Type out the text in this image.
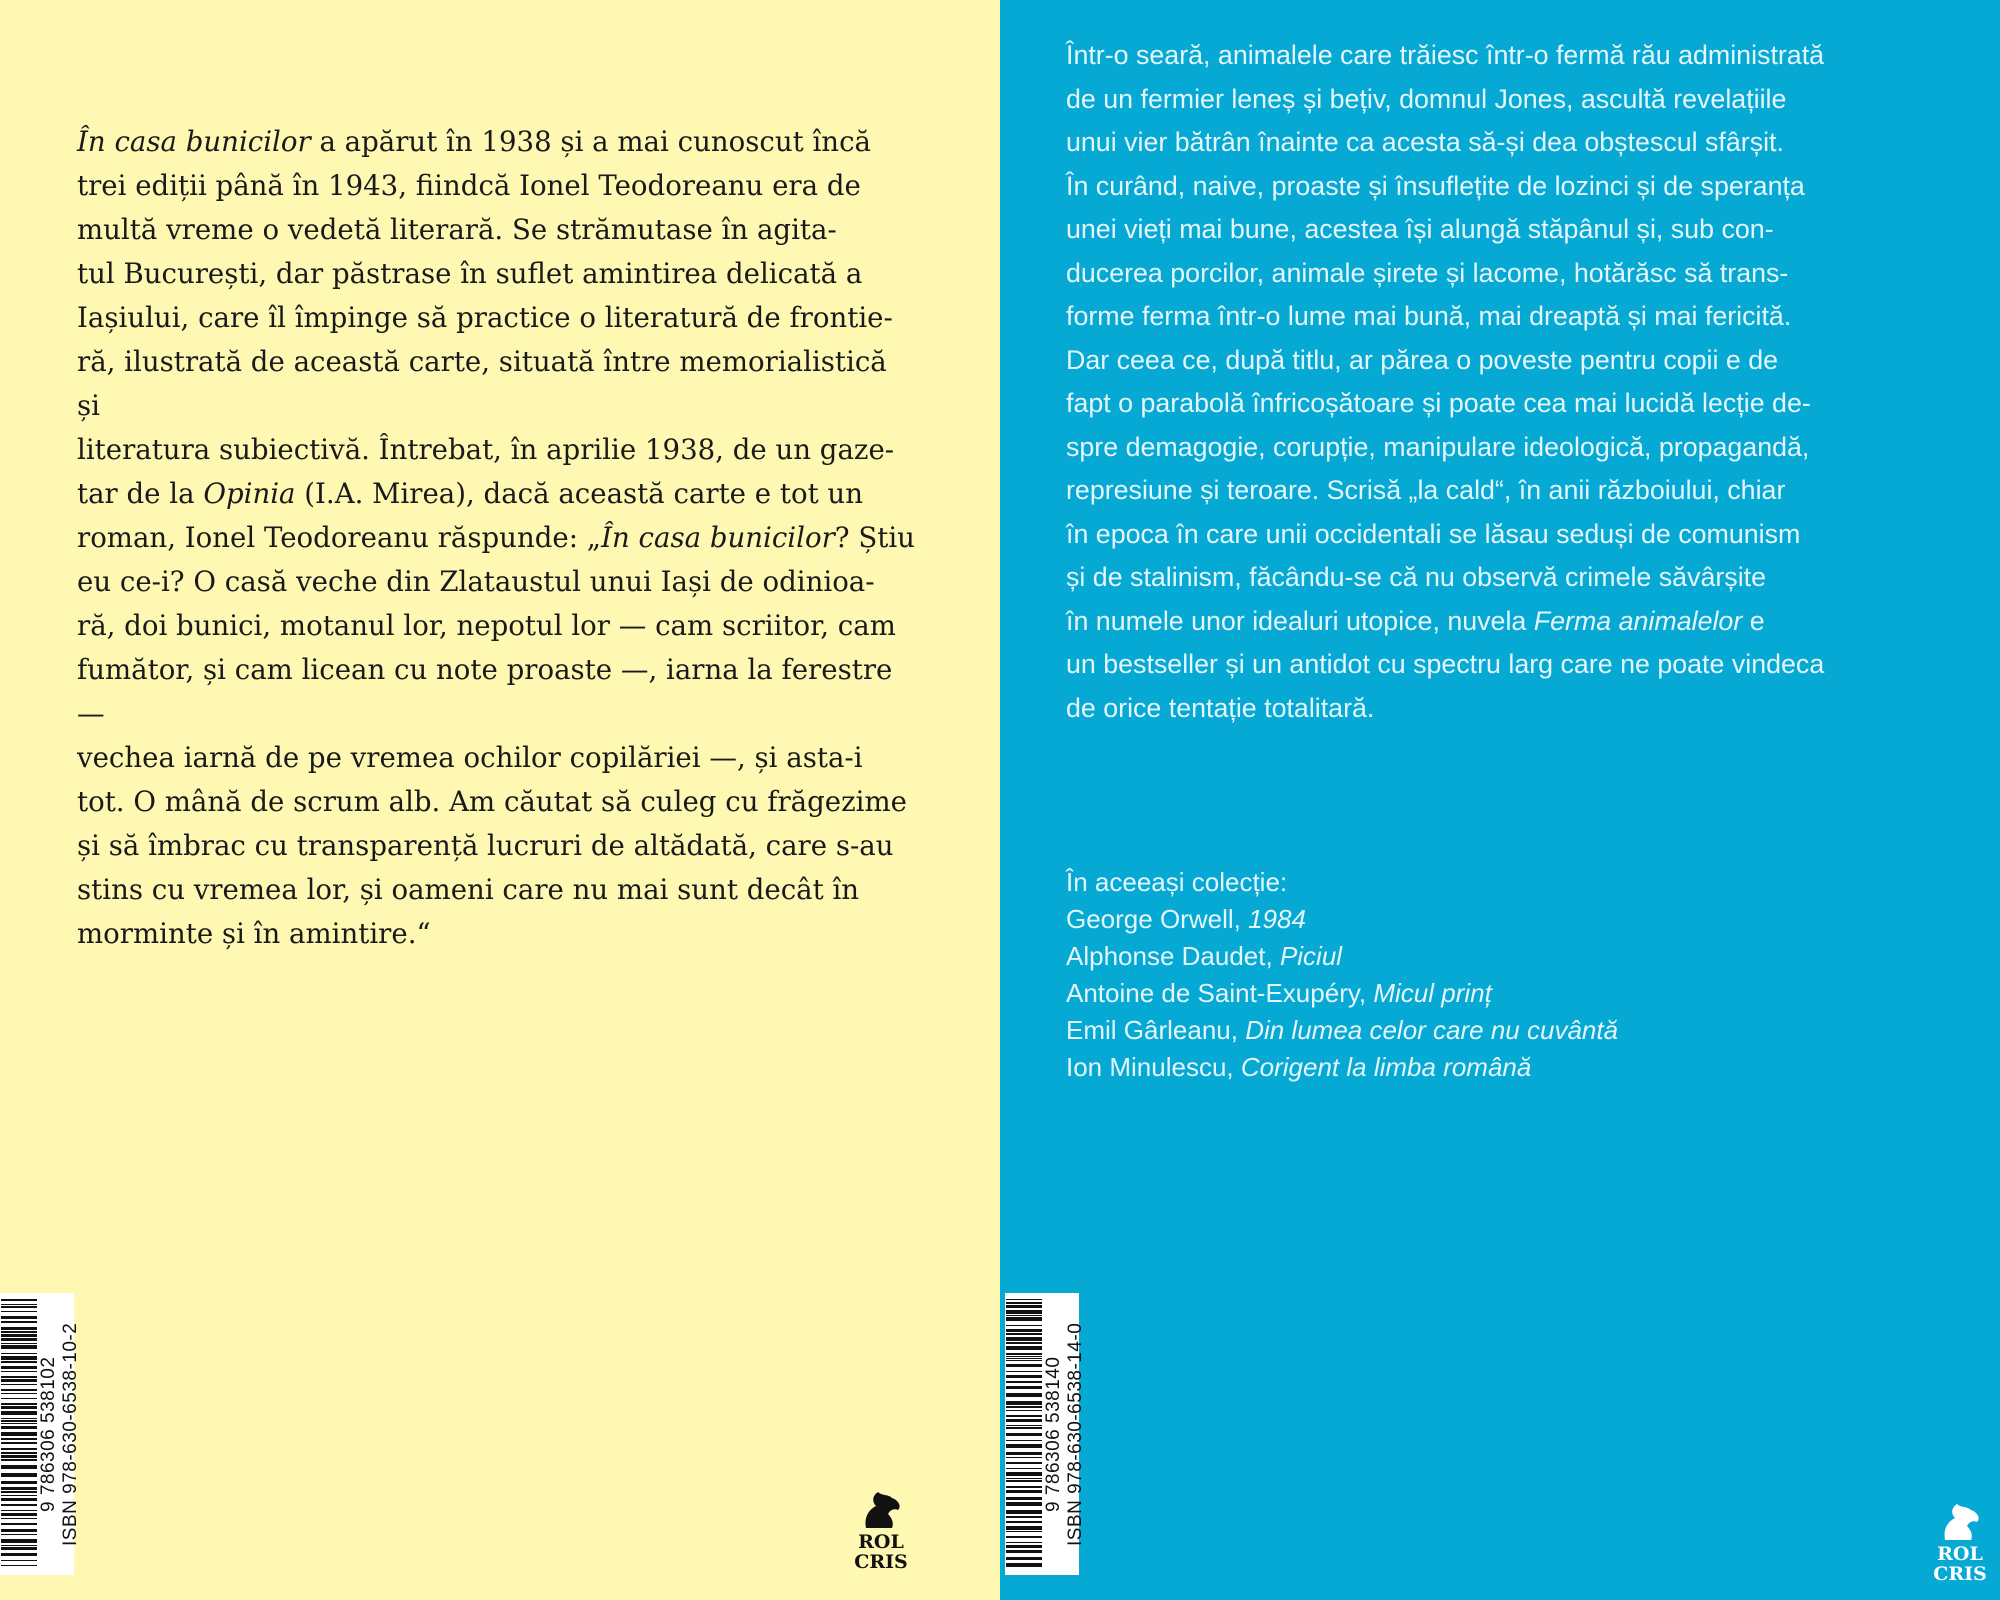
În casa bunicilor a apărut în 1938 și a mai cunoscut încă
trei ediții până în 1943, fiindcă Ionel Teodoreanu era de
multă vreme o vedetă literară. Se strămutase în agita-
tul București, dar păstrase în suflet amintirea delicată a
Iașiului, care îl împinge să practice o literatură de frontie-
ră, ilustrată de această carte, situată între memorialistică și
literatura subiectivă. Întrebat, în aprilie 1938, de un gaze-
tar de la Opinia (I.A. Mirea), dacă această carte e tot un
roman, Ionel Teodoreanu răspunde: „În casa bunicilor? Știu
eu ce-i? O casă veche din Zlataustul unui Iași de odinioa-
ră, doi bunici, motanul lor, nepotul lor — cam scriitor, cam
fumător, și cam licean cu note proaste —, iarna la ferestre —
vechea iarnă de pe vremea ochilor copilăriei —, și asta-i
tot. O mână de scrum alb. Am căutat să culeg cu frăgezime
și să îmbrac cu transparență lucruri de altădată, care s-au
stins cu vremea lor, și oameni care nu mai sunt decât în
morminte și în amintire.“

9 786306 538102
ISBN 978-630-6538-10-2	ROL
CRIS

Într-o seară, animalele care trăiesc într-o fermă rău administrată
de un fermier leneș și bețiv, domnul Jones, ascultă revelațiile
unui vier bătrân înainte ca acesta să-și dea obștescul sfârșit.
În curând, naive, proaste și însuflețite de lozinci și de speranța
unei vieți mai bune, acestea își alungă stăpânul și, sub con-
ducerea porcilor, animale șirete și lacome, hotărăsc să trans-
forme ferma într-o lume mai bună, mai dreaptă și mai fericită.
Dar ceea ce, după titlu, ar părea o poveste pentru copii e de
fapt o parabolă înfricoșătoare și poate cea mai lucidă lecție de-
spre demagogie, corupție, manipulare ideologică, propagandă,
represiune și teroare. Scrisă „la cald“, în anii războiului, chiar
în epoca în care unii occidentali se lăsau seduși de comunism
și de stalinism, făcându-se că nu observă crimele săvârșite
în numele unor idealuri utopice, nuvela Ferma animalelor e
un bestseller și un antidot cu spectru larg care ne poate vindeca
de orice tentație totalitară.

În aceeași colecție:
George Orwell, 1984
Alphonse Daudet, Piciul
Antoine de Saint-Exupéry, Micul prinț
Emil Gârleanu, Din lumea celor care nu cuvântă
Ion Minulescu, Corigent la limba română
9 786306 538140
ISBN 978-630-6538-14-0
ROL
CRIS
